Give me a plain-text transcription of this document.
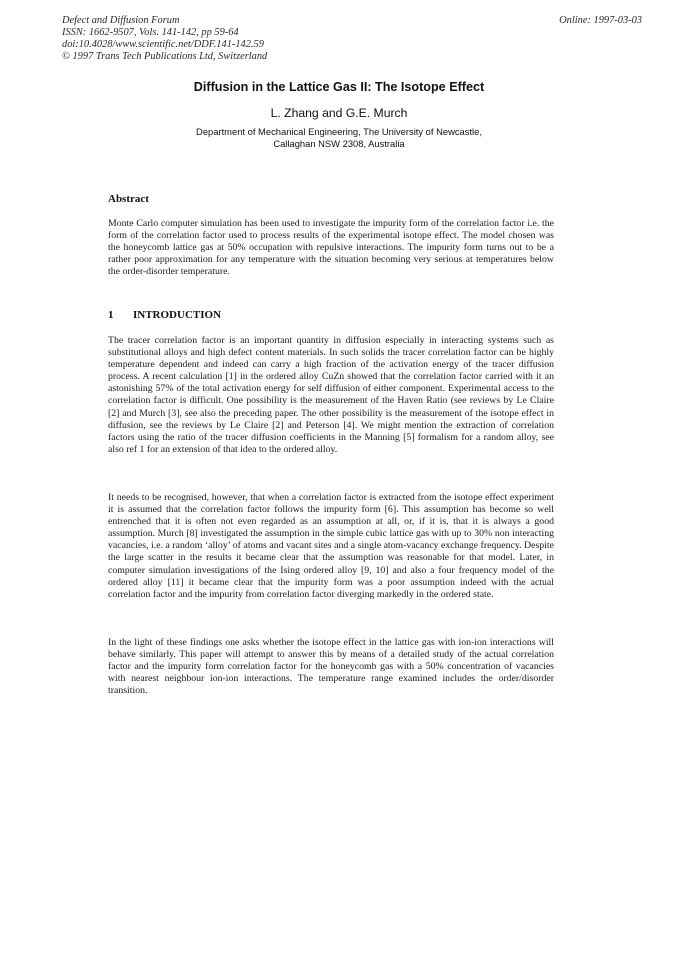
Defect and Diffusion Forum
ISSN: 1662-9507, Vols. 141-142, pp 59-64
doi:10.4028/www.scientific.net/DDF.141-142.59
© 1997 Trans Tech Publications Ltd, Switzerland
Online: 1997-03-03
Diffusion in the Lattice Gas II: The Isotope Effect
L. Zhang and G.E. Murch
Department of Mechanical Engineering, The University of Newcastle,
Callaghan NSW 2308, Australia
Abstract

Monte Carlo computer simulation has been used to investigate the impurity form of the correlation factor i.e. the form of the correlation factor used to process results of the experimental isotope effect. The model chosen was the honeycomb lattice gas at 50% occupation with repulsive interactions. The impurity form turns out to be a rather poor approximation for any temperature with the situation becoming very serious at temperatures below the order-disorder temperature.

1 INTRODUCTION

The tracer correlation factor is an important quantity in diffusion especially in interacting systems such as substitutional alloys and high defect content materials. In such solids the tracer correlation factor can be highly temperature dependent and indeed can carry a high fraction of the activation energy of the tracer diffusion process. A recent calculation [1] in the ordered alloy CuZn showed that the correlation factor carried with it an astonishing 57% of the total activation energy for self diffusion of either component. Experimental access to the correlation factor is difficult. One possibility is the measurement of the Haven Ratio (see reviews by Le Claire [2] and Murch [3], see also the preceding paper. The other possibility is the measurement of the isotope effect in diffusion, see the reviews by Le Claire [2] and Peterson [4]. We might mention the extraction of correlation factors using the ratio of the tracer diffusion coefficients in the Manning [5] formalism for a random alloy, see also ref 1 for an extension of that idea to the ordered alloy.

It needs to be recognised, however, that when a correlation factor is extracted from the isotope effect experiment it is assumed that the correlation factor follows the impurity form [6]. This assumption has become so well entrenched that it is often not even regarded as an assumption at all, or, if it is, that it is always a good assumption. Murch [8] investigated the assumption in the simple cubic lattice gas with up to 30% non interacting vacancies, i.e. a random ‘alloy’ of atoms and vacant sites and a single atom-vacancy exchange frequency. Despite the large scatter in the results it became clear that the assumption was reasonable for that model. Later, in computer simulation investigations of the Ising ordered alloy [9, 10] and also a four frequency model of the ordered alloy [11] it became clear that the impurity form was a poor assumption indeed with the actual correlation factor and the impurity from correlation factor diverging markedly in the ordered state.

In the light of these findings one asks whether the isotope effect in the lattice gas with ion-ion interactions will behave similarly. This paper will attempt to answer this by means of a detailed study of the actual correlation factor and the impurity form correlation factor for the honeycomb gas with a 50% concentration of vacancies with nearest neighbour ion-ion interactions. The temperature range examined includes the order/disorder transition.
